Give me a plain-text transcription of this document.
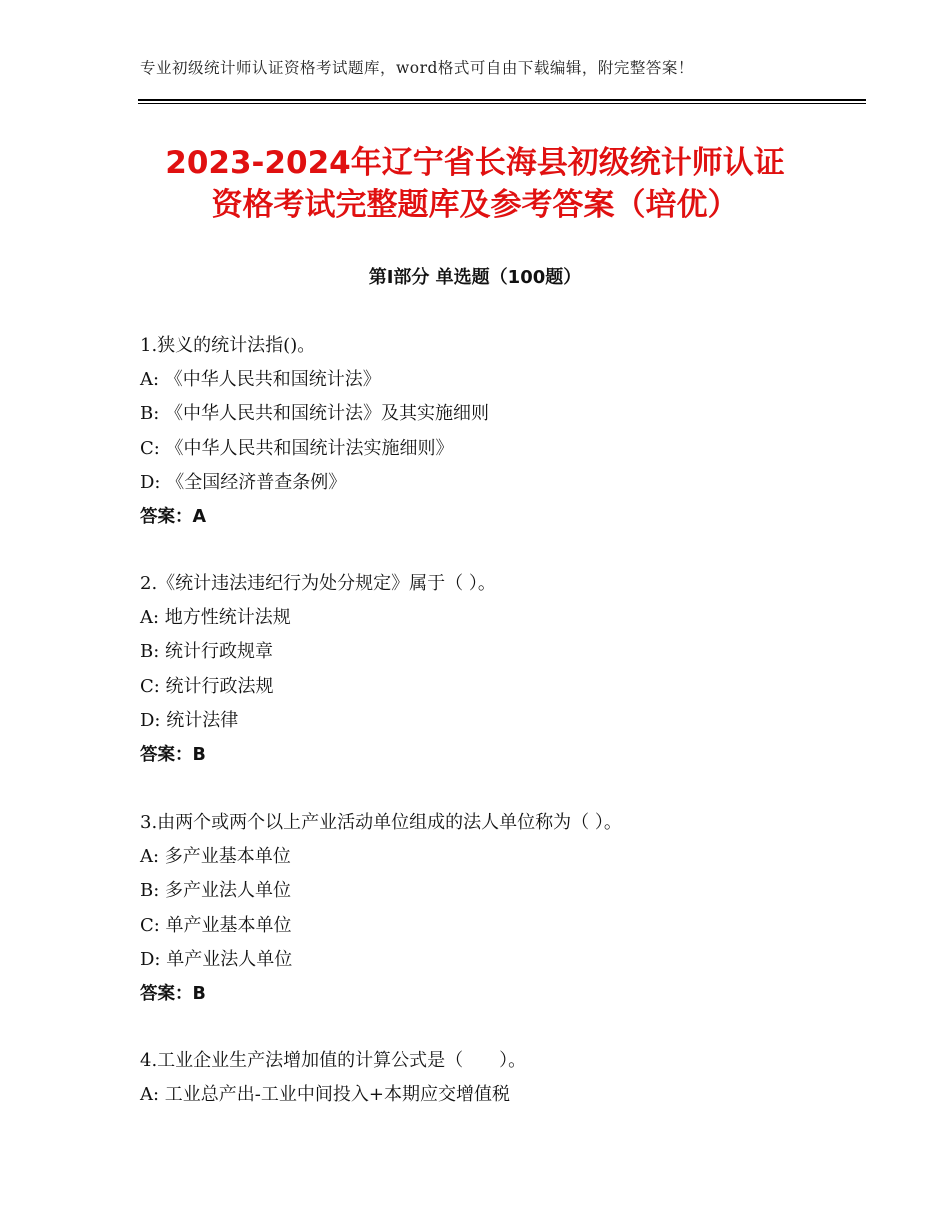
专业初级统计师认证资格考试题库，word格式可自由下载编辑，附完整答案！
2023-2024年辽宁省长海县初级统计师认证
资格考试完整题库及参考答案（培优）
第Ⅰ部分 单选题（100题）
1.狭义的统计法指()。
A: 《中华人民共和国统计法》
B: 《中华人民共和国统计法》及其实施细则
C: 《中华人民共和国统计法实施细则》
D: 《全国经济普查条例》
答案：A
2.《统计违法违纪行为处分规定》属于（ ）。
A: 地方性统计法规
B: 统计行政规章
C: 统计行政法规
D: 统计法律
答案：B
3.由两个或两个以上产业活动单位组成的法人单位称为（ ）。
A: 多产业基本单位
B: 多产业法人单位
C: 单产业基本单位
D: 单产业法人单位
答案：B
4.工业企业生产法增加值的计算公式是（　　）。
A: 工业总产出-工业中间投入+本期应交增值税
